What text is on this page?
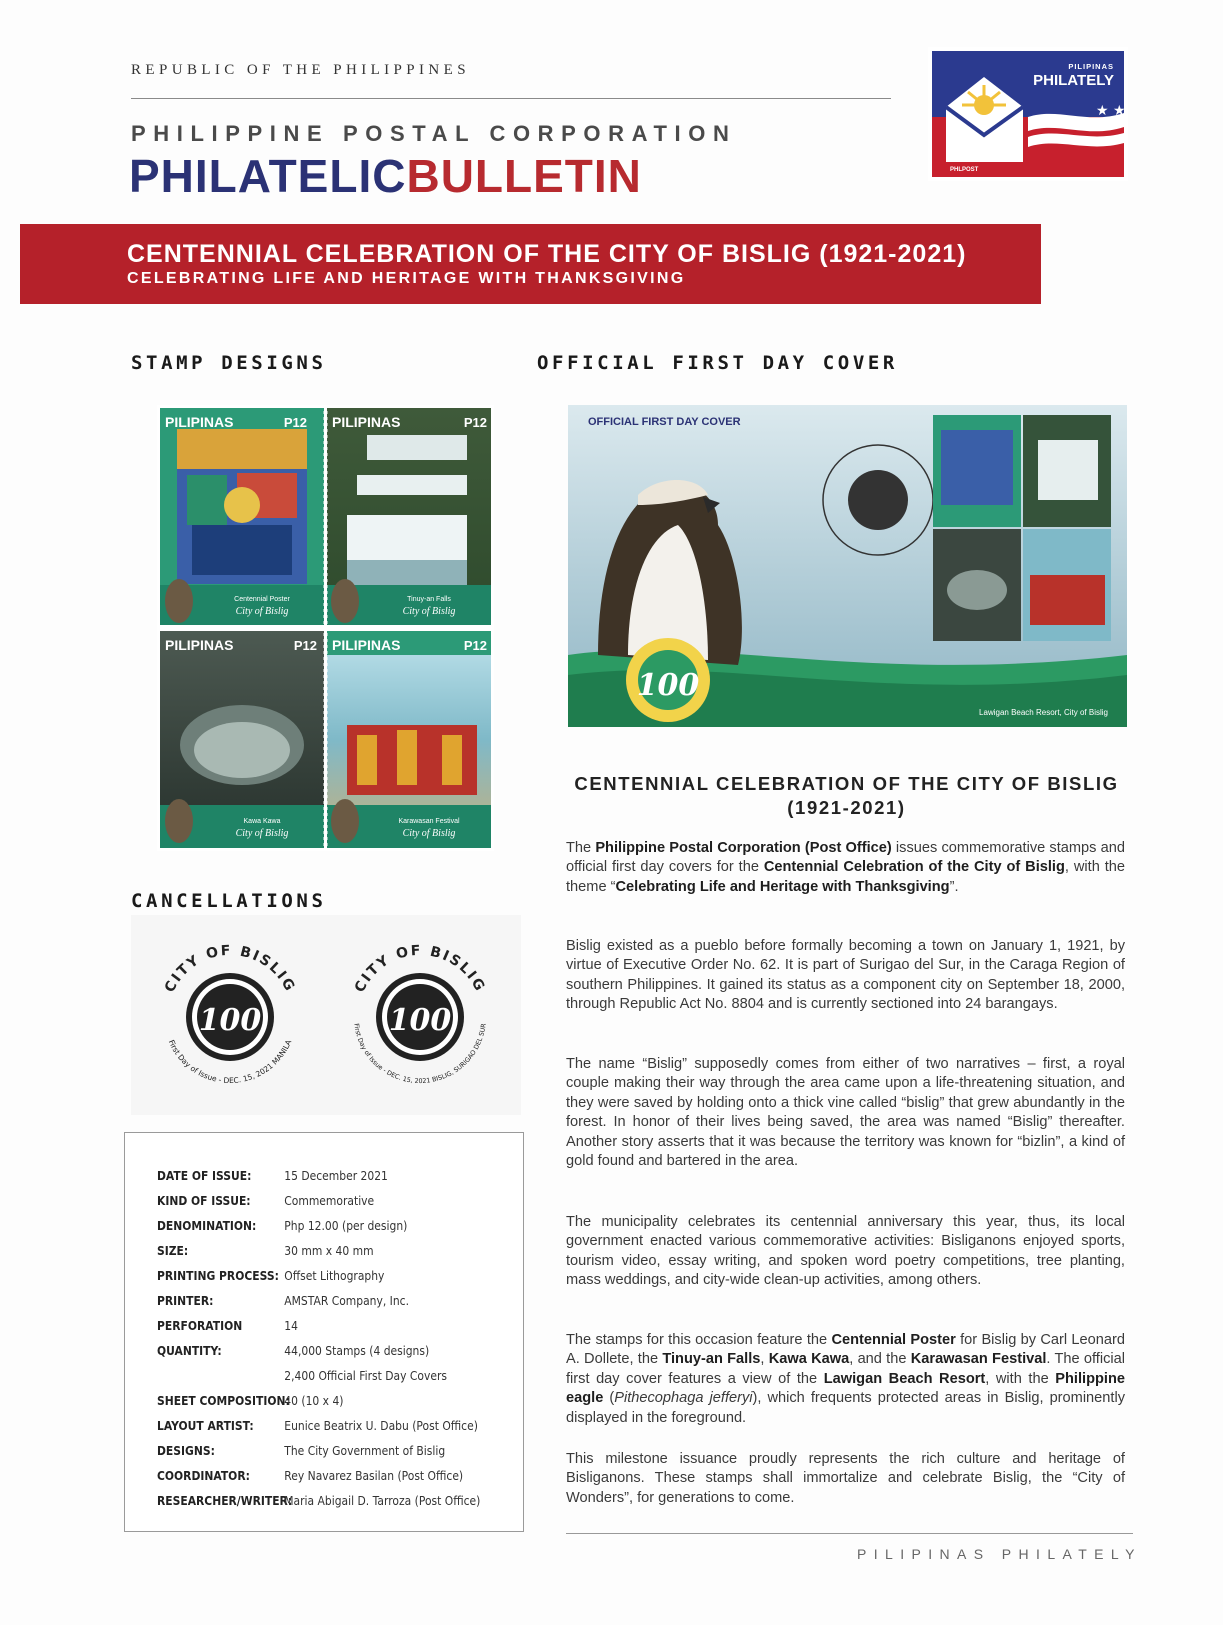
REPUBLIC OF THE PHILIPPINES
PHILIPPINE POSTAL CORPORATION
PHILATELICBULLETIN
★ ★
PILIPINAS
PHILATELY
PHLPOST
CENTENNIAL CELEBRATION OF THE CITY OF BISLIG (1921-2021)
CELEBRATING LIFE AND HERITAGE WITH THANKSGIVING
STAMP DESIGNS	OFFICIAL FIRST DAY COVER
CANCELLATIONS
PILIPINAS	P12
Centennial Poster
City of Bislig
PILIPINAS	P12
Tinuy-an Falls
City of Bislig
PILIPINAS	P12
Kawa Kawa
City of Bislig
PILIPINAS	P12
Karawasan Festival
City of Bislig
100
CITY OF BISLIG
First Day of Issue - DEC. 15, 2021 MANILA
100
CITY OF BISLIG
First Day of Issue - DEC. 15, 2021 BISLIG, SURIGAO DEL SUR
DATE OF ISSUE:	15 December 2021
KIND OF ISSUE:	Commemorative
DENOMINATION: Php 12.00 (per design)
SIZE:	30 mm x 40 mm
PRINTING PROCESS: Offset Lithography
PRINTER:	AMSTAR Company, Inc.
PERFORATION	14
QUANTITY:	44,000 Stamps (4 designs)
2,400 Official First Day Covers
SHEET COMPOSITION:40 (10 x 4)
LAYOUT ARTIST: Eunice Beatrix U. Dabu (Post Office)
DESIGNS:	The City Government of Bislig
COORDINATOR:	Rey Navarez Basilan (Post Office)
RESEARCHER/WRITER:Maria Abigail D. Tarroza (Post Office)
100
OFFICIAL FIRST DAY COVER
Lawigan Beach Resort, City of Bislig
CENTENNIAL CELEBRATION OF THE CITY OF BISLIG
(1921-2021)
The Philippine Postal Corporation (Post Office) issues commemorative stamps and official first day covers for the Centennial Celebration of the City of Bislig, with the theme “Celebrating Life and Heritage with Thanksgiving”.
Bislig existed as a pueblo before formally becoming a town on January 1, 1921, by virtue of Executive Order No. 62. It is part of Surigao del Sur, in the Caraga Region of southern Philippines. It gained its status as a component city on September 18, 2000, through Republic Act No. 8804 and is currently sectioned into 24 barangays.
The name “Bislig” supposedly comes from either of two narratives – first, a royal couple making their way through the area came upon a life-threatening situation, and they were saved by holding onto a thick vine called “bislig” that grew abundantly in the forest. In honor of their lives being saved, the area was named “Bislig” thereafter. Another story asserts that it was because the territory was known for “bizlin”, a kind of gold found and bartered in the area.
The municipality celebrates its centennial anniversary this year, thus, its local government enacted various commemorative activities: Bisliganons enjoyed sports, tourism video, essay writing, and spoken word poetry competitions, tree planting, mass weddings, and city-wide clean-up activities, among others.
The stamps for this occasion feature the Centennial Poster for Bislig by Carl Leonard A. Dollete, the Tinuy-an Falls, Kawa Kawa, and the Karawasan Festival. The official first day cover features a view of the Lawigan Beach Resort, with the Philippine eagle (Pithecophaga jefferyi), which frequents protected areas in Bislig, prominently displayed in the foreground.
This milestone issuance proudly represents the rich culture and heritage of Bisliganons. These stamps shall immortalize and celebrate Bislig, the “City of Wonders”, for generations to come.
PILIPINAS PHILATELY
